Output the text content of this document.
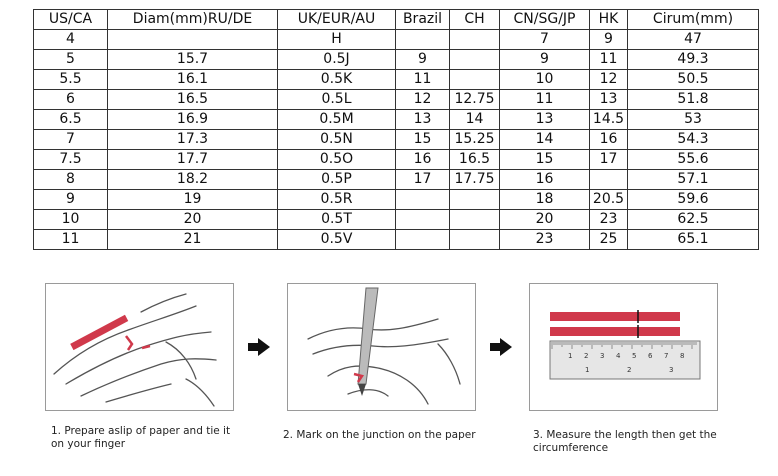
US/CA	Diam(mm)RU/DE	UK/EUR/AU	Brazil	CH	CN/SG/JP	HK	Cirum(mm)
4		H			7	9	47
5	15.7	0.5J	9		9	11	49.3
5.5	16.1	0.5K	11		10	12	50.5
6	16.5	0.5L	12	12.75	11	13	51.8
6.5	16.9	0.5M	13	14	13	14.5	53
7	17.3	0.5N	15	15.25	14	16	54.3
7.5	17.7	0.5O	16	16.5	15	17	55.6
8	18.2	0.5P	17	17.75	16		57.1
9	19	0.5R			18	20.5	59.6
10	20	0.5T			20	23	62.5
11	21	0.5V			23	25	65.1
1 2 3 4 5 6 7 8
1	2	3
1. Prepare aslip of paper and tie it
on your finger
2. Mark on the junction on the paper	3. Measure the length then get the
circumference
